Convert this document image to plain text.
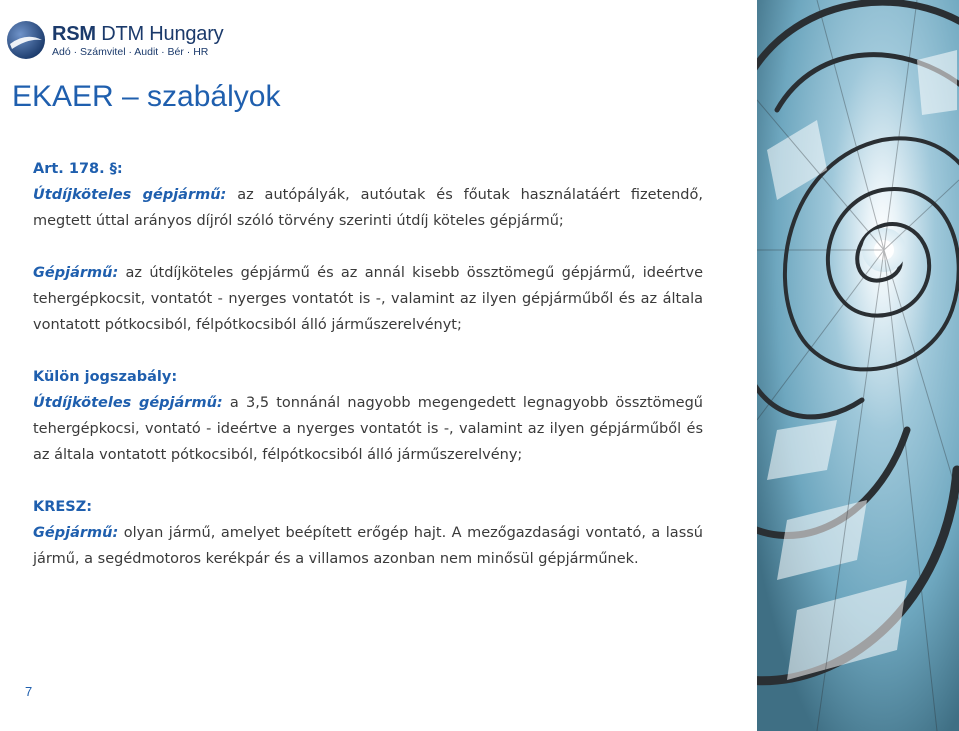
RSM DTM Hungary
Adó · Számvitel · Audit · Bér · HR
EKAER – szabályok

Art. 178. §:

Útdíjköteles gépjármű: az autópályák, autóutak és főutak használatáért fizetendő, megtett úttal arányos díjról szóló törvény szerinti útdíj köteles gépjármű;

Gépjármű: az útdíjköteles gépjármű és az annál kisebb össztömegű gépjármű, ideértve tehergépkocsit, vontatót - nyerges vontatót is -, valamint az ilyen gépjárműből és az általa vontatott pótkocsiból, félpótkocsiból álló járműszerelvényt;

Külön jogszabály:

Útdíjköteles gépjármű: a 3,5 tonnánál nagyobb megengedett legnagyobb össztömegű tehergépkocsi, vontató - ideértve a nyerges vontatót is -, valamint az ilyen gépjárműből és az általa vontatott pótkocsiból, félpótkocsiból álló járműszerelvény;

KRESZ:

Gépjármű: olyan jármű, amelyet beépített erőgép hajt. A mezőgazdasági vontató, a lassú jármű, a segédmotoros kerékpár és a villamos azonban nem minősül gépjárműnek.

7
